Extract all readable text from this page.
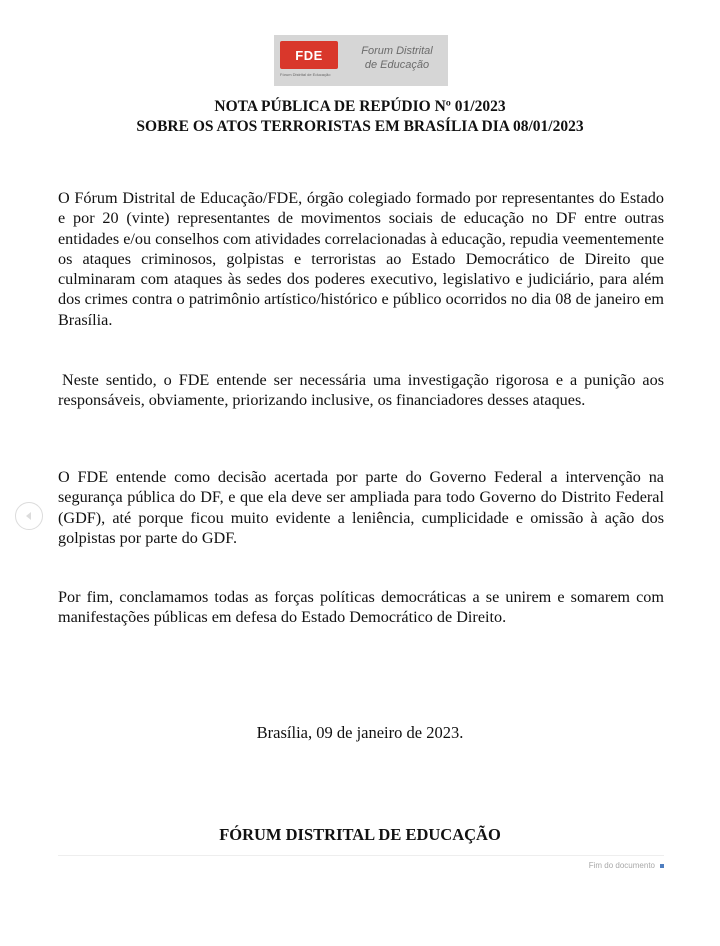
FDE
Fórum Distrital de Educação
Forum Distrital
de Educação
NOTA PÚBLICA DE REPÚDIO Nº 01/2023
SOBRE OS ATOS TERRORISTAS EM BRASÍLIA DIA 08/01/2023
O Fórum Distrital de Educação/FDE, órgão colegiado formado por representantes do Estado e por 20 (vinte) representantes de movimentos sociais de educação no DF entre outras entidades e/ou conselhos com atividades correlacionadas à educação, repudia veementemente os ataques criminosos, golpistas e terroristas ao Estado Democrático de Direito que culminaram com ataques às sedes dos poderes executivo, legislativo e judiciário, para além dos crimes contra o patrimônio artístico/histórico e público ocorridos no dia 08 de janeiro em Brasília.
Neste sentido, o FDE entende ser necessária uma investigação rigorosa e a punição aos responsáveis, obviamente, priorizando inclusive, os financiadores desses ataques.
O FDE entende como decisão acertada por parte do Governo Federal a intervenção na segurança pública do DF, e que ela deve ser ampliada para todo Governo do Distrito Federal (GDF), até porque ficou muito evidente a leniência, cumplicidade e omissão à ação dos golpistas por parte do GDF.
Por fim, conclamamos todas as forças políticas democráticas a se unirem e somarem com manifestações públicas em defesa do Estado Democrático de Direito.
Brasília, 09 de janeiro de 2023.
FÓRUM DISTRITAL DE EDUCAÇÃO
Fim do documento
